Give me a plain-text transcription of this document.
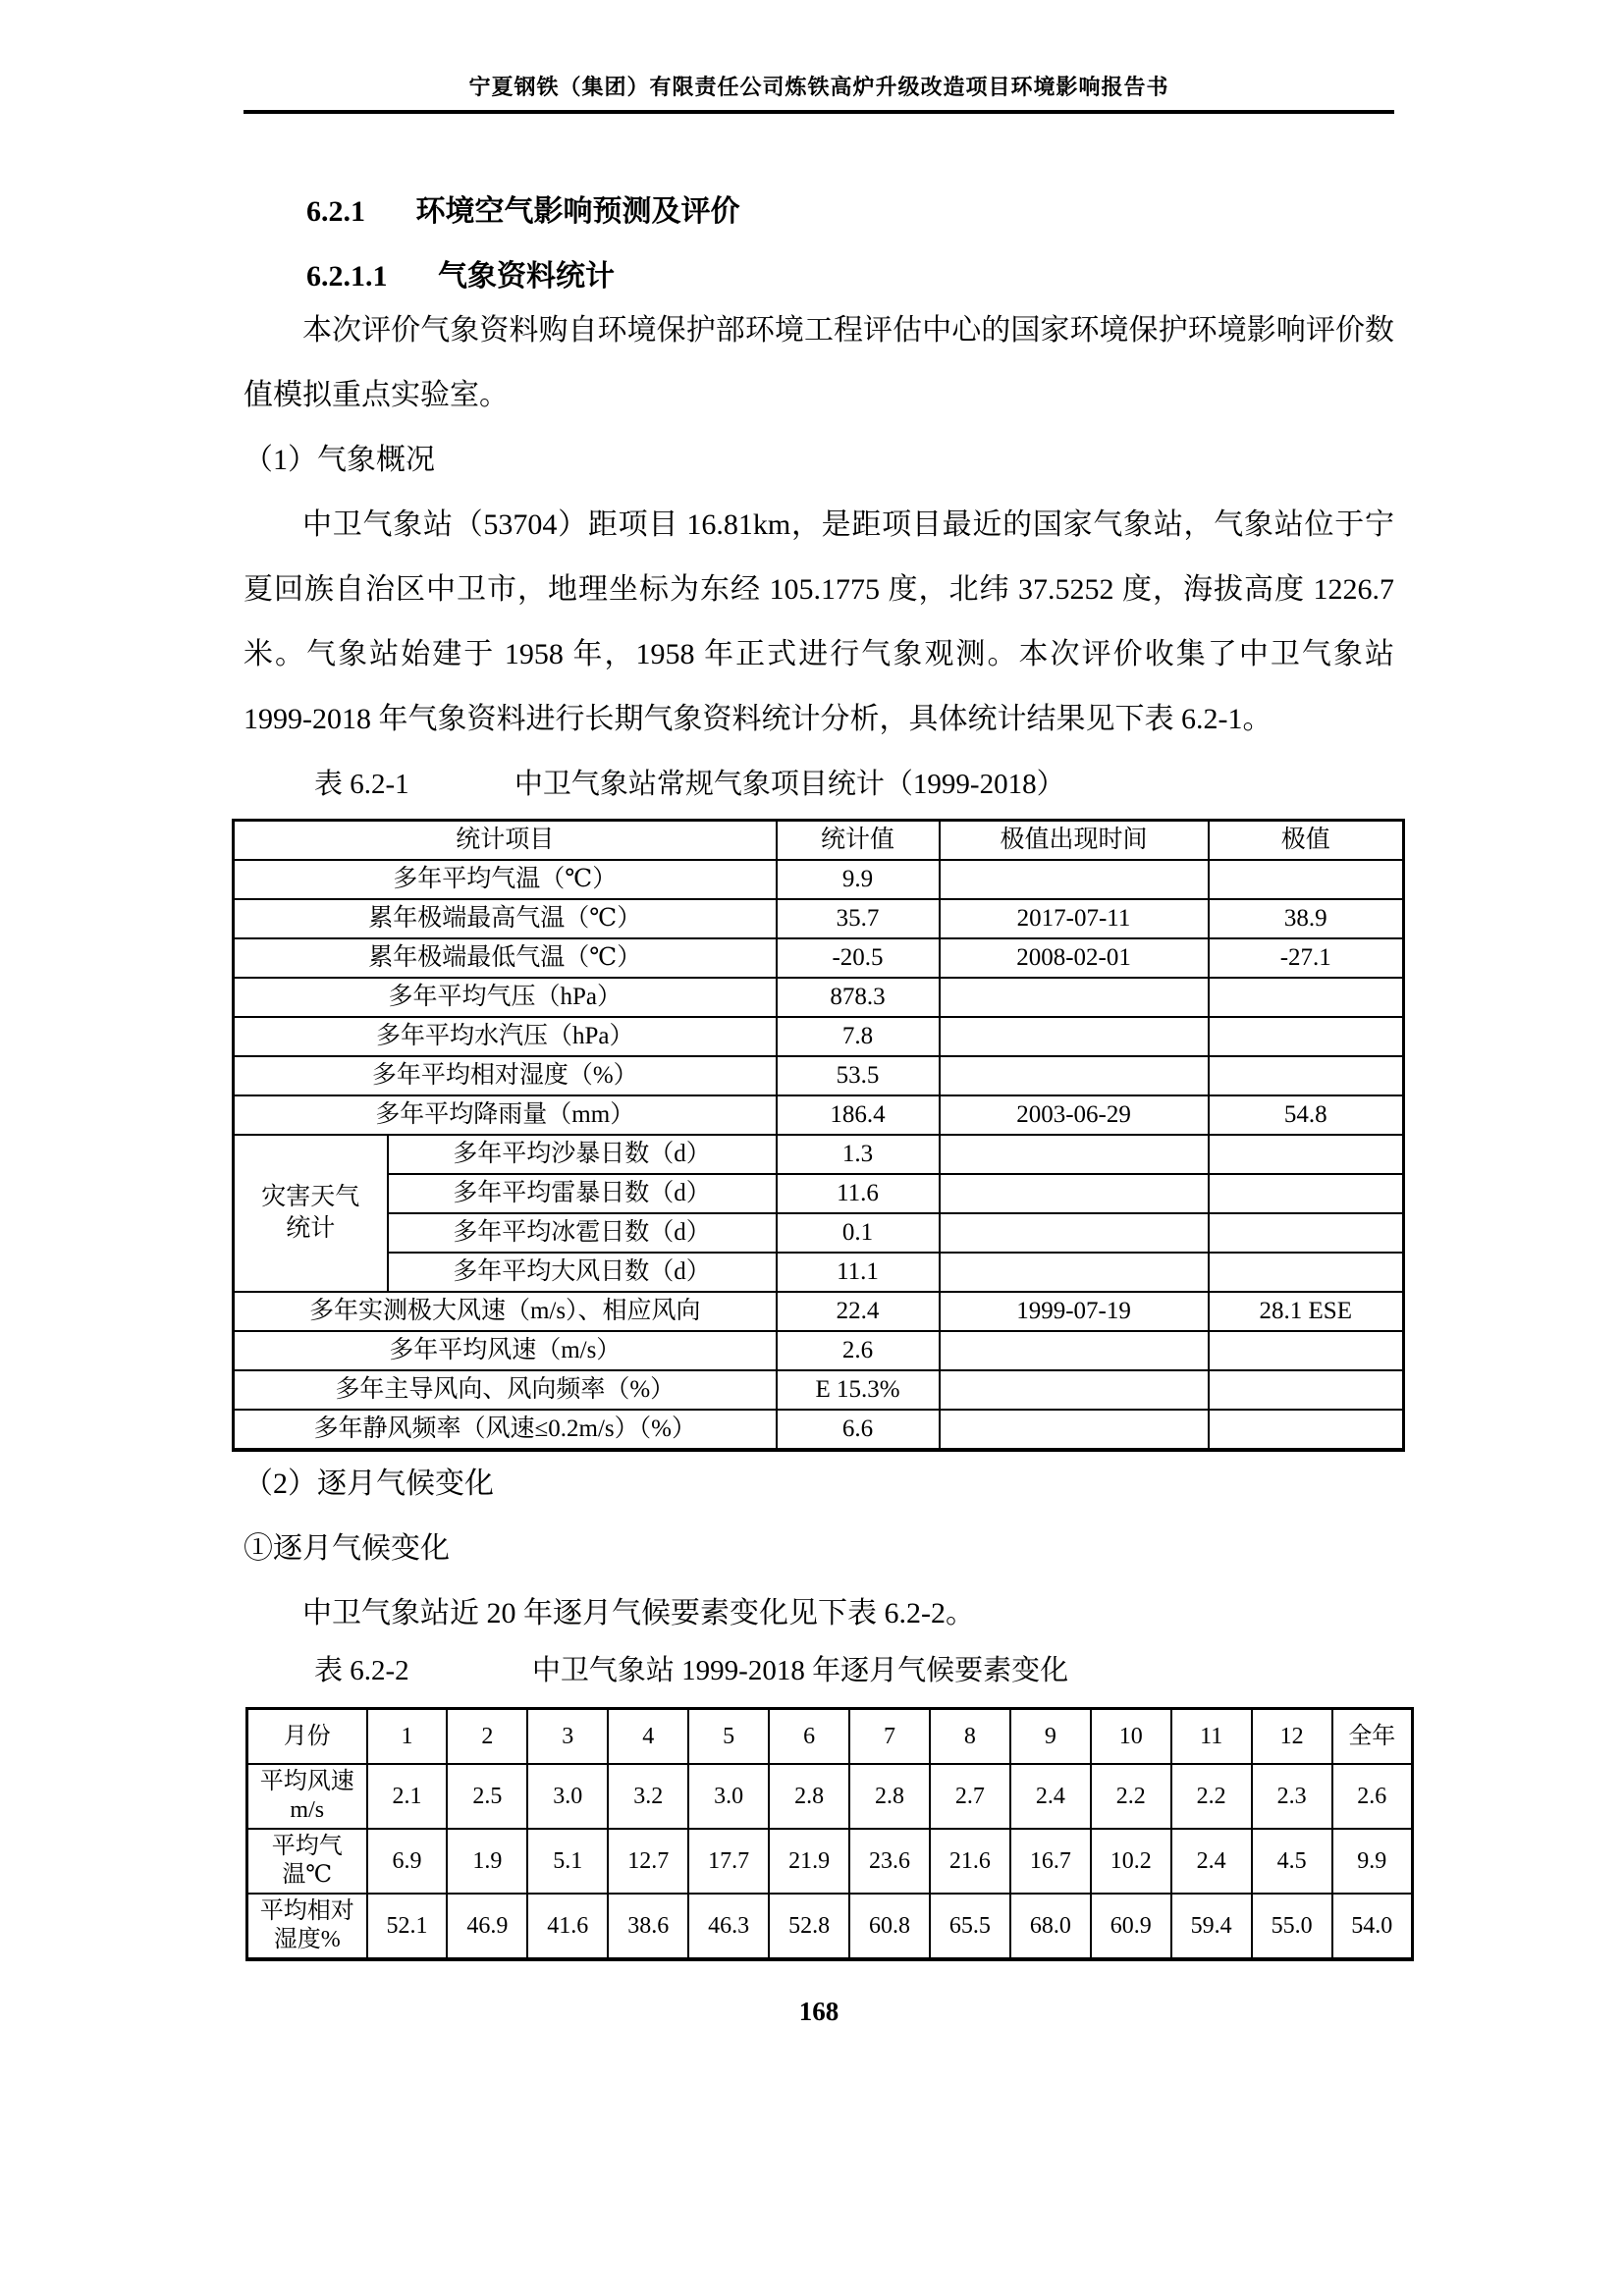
宁夏钢铁（集团）有限责任公司炼铁高炉升级改造项目环境影响报告书
6.2.1 环境空气影响预测及评价
6.2.1.1 气象资料统计

本次评价气象资料购自环境保护部环境工程评估中心的国家环境保护环境影响评价数值模拟重点实验室。

（1）气象概况

中卫气象站（53704）距项目 16.81km，是距项目最近的国家气象站，气象站位于宁夏回族自治区中卫市，地理坐标为东经 105.1775 度，北纬 37.5252 度，海拔高度 1226.7 米。气象站始建于 1958 年，1958 年正式进行气象观测。本次评价收集了中卫气象站 1999-2018 年气象资料进行长期气象资料统计分析，具体统计结果见下表 6.2-1。

表 6.2-1	中卫气象站常规气象项目统计（1999-2018）

统计项目		统计值	极值出现时间	极值
多年平均气温（℃）		9.9		
累年极端最高气温（℃）		35.7	2017-07-11	38.9
累年极端最低气温（℃）		-20.5	2008-02-01	-27.1
多年平均气压（hPa）		878.3		
多年平均水汽压（hPa）		7.8		
多年平均相对湿度（%）		53.5		
多年平均降雨量（mm）		186.4	2003-06-29	54.8

灾害天气
统计	多年平均沙暴日数（d）	1.3		
	多年平均雷暴日数（d）	11.6		
	多年平均冰雹日数（d）	0.1		
	多年平均大风日数（d）	11.1		
多年实测极大风速（m/s）、相应风向		22.4	1999-07-19	28.1 ESE
多年平均风速（m/s）		2.6		
多年主导风向、风向频率（%）		E 15.3%		
多年静风频率（风速≤0.2m/s）（%）		6.6		

（2）逐月气候变化

①逐月气候变化

中卫气象站近 20 年逐月气候要素变化见下表 6.2-2。

表 6.2-2	中卫气象站 1999-2018 年逐月气候要素变化

月份	1	2	3	4	5	6	7	8	9	10	11	12	全年

平均风速
m/s	2.1	2.5	3.0	3.2	3.0	2.8	2.8	2.7	2.4	2.2	2.2	2.3	2.6

平均气
温℃	6.9	1.9	5.1	12.7	17.7	21.9	23.6	21.6	16.7	10.2	2.4	4.5	9.9

平均相对
湿度%	52.1	46.9	41.6	38.6	46.3	52.8	60.8	65.5	68.0	60.9	59.4	55.0	54.0
168
